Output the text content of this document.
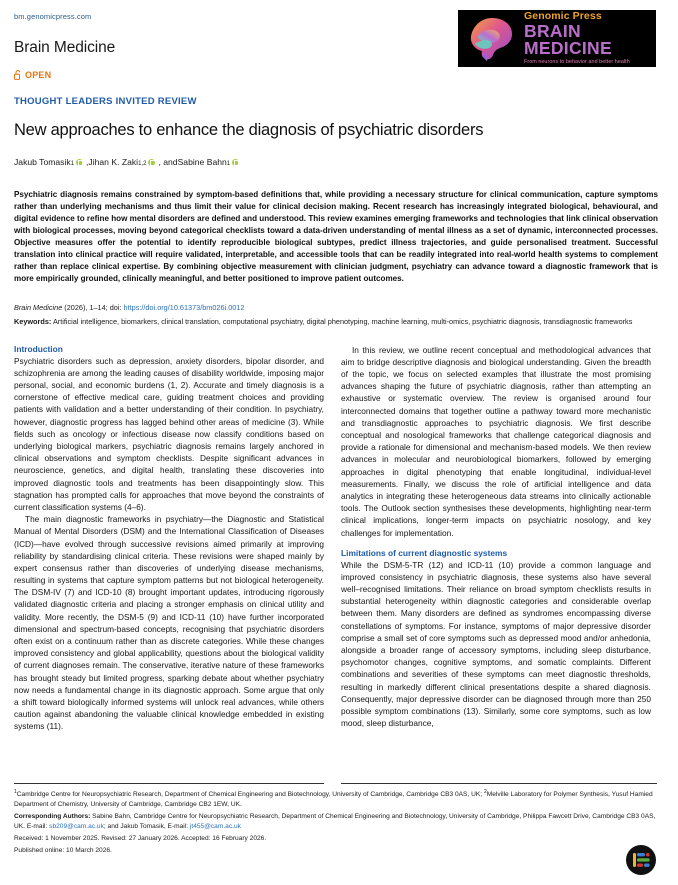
bm.genomicpress.com
Brain Medicine
OPEN
THOUGHT LEADERS INVITED REVIEW
New approaches to enhance the diagnosis of psychiatric disorders
Jakub Tomasik$_1$ , Jihan K. Zaki$_{1,2}$ , and Sabine Bahn$_1$
Genomic Press
BRAIN MEDICINE
From neurons to behavior and better health
Psychiatric diagnosis remains constrained by symptom-based definitions that, while providing a necessary structure for clinical communication, capture symptoms rather than underlying mechanisms and thus limit their value for clinical decision making. Recent research has increasingly integrated biological, behavioural, and digital evidence to refine how mental disorders are defined and understood. This review examines emerging frameworks and technologies that link clinical observation with biological processes, moving beyond categorical checklists toward a data-driven understanding of mental illness as a set of dynamic, interconnected processes. Objective measures offer the potential to identify reproducible biological subtypes, predict illness trajectories, and guide personalised treatment. Successful translation into clinical practice will require validated, interpretable, and accessible tools that can be readily integrated into real-world health systems to complement rather than replace clinical expertise. By combining objective measurement with clinician judgment, psychiatry can advance toward a diagnostic framework that is more empirically grounded, clinically meaningful, and better positioned to improve patient outcomes.
Brain Medicine (2026), 1–14; doi: https://doi.org/10.61373/bm026i.0012
Keywords: Artificial intelligence, biomarkers, clinical translation, computational psychiatry, digital phenotyping, machine learning, multi-omics, psychiatric diagnosis, transdiagnostic frameworks
Introduction

Psychiatric disorders such as depression, anxiety disorders, bipolar disorder, and schizophrenia are among the leading causes of disability worldwide, imposing major personal, social, and economic burdens (1, 2). Accurate and timely diagnosis is a cornerstone of effective medical care, guiding treatment choices and providing patients with validation and a better understanding of their condition. In psychiatry, however, diagnostic progress has lagged behind other areas of medicine (3). While fields such as oncology or infectious disease now classify conditions based on underlying biological markers, psychiatric diagnosis remains largely anchored in clinical observations and symptom checklists. Despite significant advances in neuroscience, genetics, and digital health, translating these discoveries into improved diagnostic tools and treatments has been disappointingly slow. This stagnation has prompted calls for approaches that move beyond the constraints of current classification systems (4–6).

The main diagnostic frameworks in psychiatry—the Diagnostic and Statistical Manual of Mental Disorders (DSM) and the International Classification of Diseases (ICD)—have evolved through successive revisions aimed primarily at improving reliability by standardising clinical criteria. These revisions were shaped mainly by expert consensus rather than discoveries of underlying disease mechanisms, resulting in systems that capture symptom patterns but not biological heterogeneity. The DSM-IV (7) and ICD-10 (8) brought important updates, introducing rigorously validated diagnostic criteria and placing a stronger emphasis on clinical utility and validity. More recently, the DSM-5 (9) and ICD-11 (10) have further incorporated dimensional and spectrum-based concepts, recognising that psychiatric disorders often exist on a continuum rather than as discrete categories. While these changes improved consistency and global applicability, questions about the biological validity of current diagnoses remain. The conservative, iterative nature of these frameworks has brought steady but limited progress, sparking debate about whether psychiatry now needs a fundamental change in its diagnostic approach. Some argue that only a shift toward biologically informed systems will unlock real advances, while others caution against abandoning the valuable clinical knowledge embedded in existing systems (11).

In this review, we outline recent conceptual and methodological advances that aim to bridge descriptive diagnosis and biological understanding. Given the breadth of the topic, we focus on selected examples that illustrate the most promising advances shaping the future of psychiatric diagnosis, rather than attempting an exhaustive or systematic overview. The review is organised around four interconnected domains that together outline a pathway toward more mechanistic and transdiagnostic approaches to psychiatric diagnosis. We first describe conceptual and nosological frameworks that challenge categorical diagnosis and provide a rationale for dimensional and mechanism-based models. We then review advances in molecular and neurobiological biomarkers, followed by emerging approaches in digital phenotyping that enable longitudinal, individual-level measurements. Finally, we discuss the role of artificial intelligence and data analytics in integrating these heterogeneous data streams into clinically actionable tools. The Outlook section synthesises these developments, highlighting near-term clinical implications, longer-term impacts on psychiatric nosology, and key challenges for implementation.

Limitations of current diagnostic systems

While the DSM-5-TR (12) and ICD-11 (10) provide a common language and improved consistency in psychiatric diagnosis, these systems also have several well–recognised limitations. Their reliance on broad symptom checklists results in substantial heterogeneity within diagnostic categories and considerable overlap between them. Many disorders are defined as syndromes encompassing diverse constellations of symptoms. For instance, symptoms of major depressive disorder comprise a small set of core symptoms such as depressed mood and/or anhedonia, alongside a broader range of accessory symptoms, including sleep disturbance, psychomotor changes, cognitive symptoms, and somatic complaints. Different combinations and severities of these symptoms can meet diagnostic thresholds, resulting in markedly different clinical presentations despite a shared diagnosis. Consequently, major depressive disorder can be diagnosed through more than 250 possible symptom combinations (13). Similarly, some core symptoms, such as low mood, sleep disturbance,

$^1$Cambridge Centre for Neuropsychiatric Research, Department of Chemical Engineering and Biotechnology, University of Cambridge, Cambridge CB3 0AS, UK; $^2$Melville Laboratory for Polymer Synthesis, Yusuf Hamied Department of Chemistry, University of Cambridge, Cambridge CB2 1EW, UK.
Corresponding Authors: Sabine Bahn, Cambridge Centre for Neuropsychiatric Research, Department of Chemical Engineering and Biotechnology, University of Cambridge, Philippa Fawcett Drive, Cambridge CB3 0AS, UK. E-mail: sb209@cam.ac.uk; and Jakub Tomasik, E-mail: jt455@cam.ac.uk
Received: 1 November 2025. Revised: 27 January 2026. Accepted: 16 February 2026.
Published online: 10 March 2026.
